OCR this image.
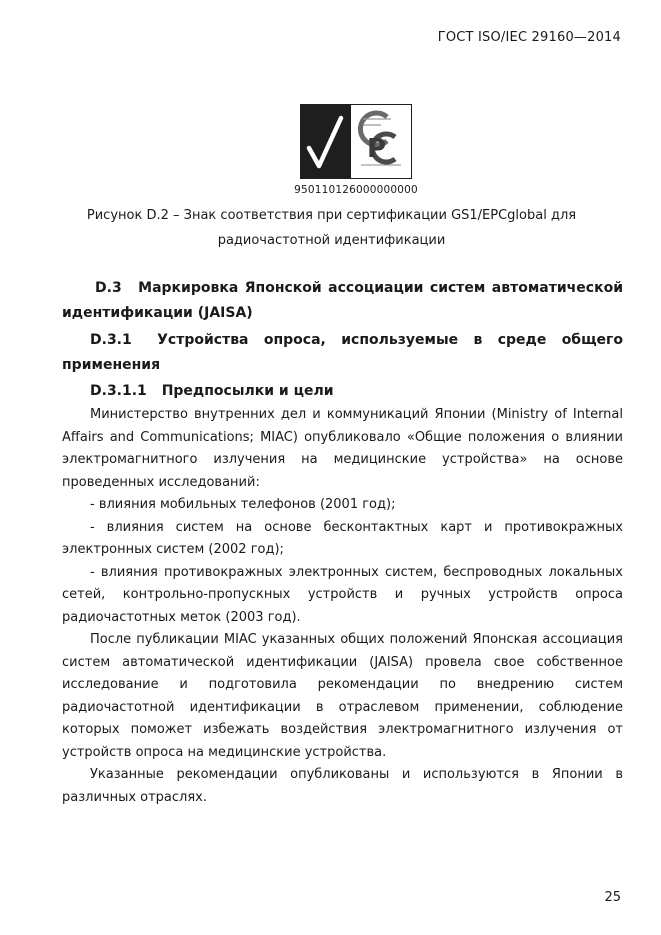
ГОСТ ISO/IEC 29160—2014
P
950110126000000000
Рисунок D.2 – Знак соответствия при сертификации GS1/EPCglobal для радиочастотной идентификации
D.3 Маркировка Японской ассоциации систем автоматической идентификации (JAISA)
D.3.1 Устройства опроса, используемые в среде общего применения
D.3.1.1 Предпосылки и цели

Министерство внутренних дел и коммуникаций Японии (Ministry of Internal Affairs and Communications; MIAC) опубликовало «Общие положения о влиянии электромагнитного излучения на медицинские устройства» на основе проведенных исследований:

- влияния мобильных телефонов (2001 год);

- влияния систем на основе бесконтактных карт и противокражных электронных систем (2002 год);

- влияния противокражных электронных систем, беспроводных локальных сетей, контрольно-пропускных устройств и ручных устройств опроса радиочастотных меток (2003 год).

После публикации MIAC указанных общих положений Японская ассоциация систем автоматической идентификации (JAISA) провела свое собственное исследование и подготовила рекомендации по внедрению систем радиочастотной идентификации в отраслевом применении, соблюдение которых поможет избежать воздействия электромагнитного излучения от устройств опроса на медицинские устройства.

Указанные рекомендации опубликованы и используются в Японии в различных отраслях.

25
